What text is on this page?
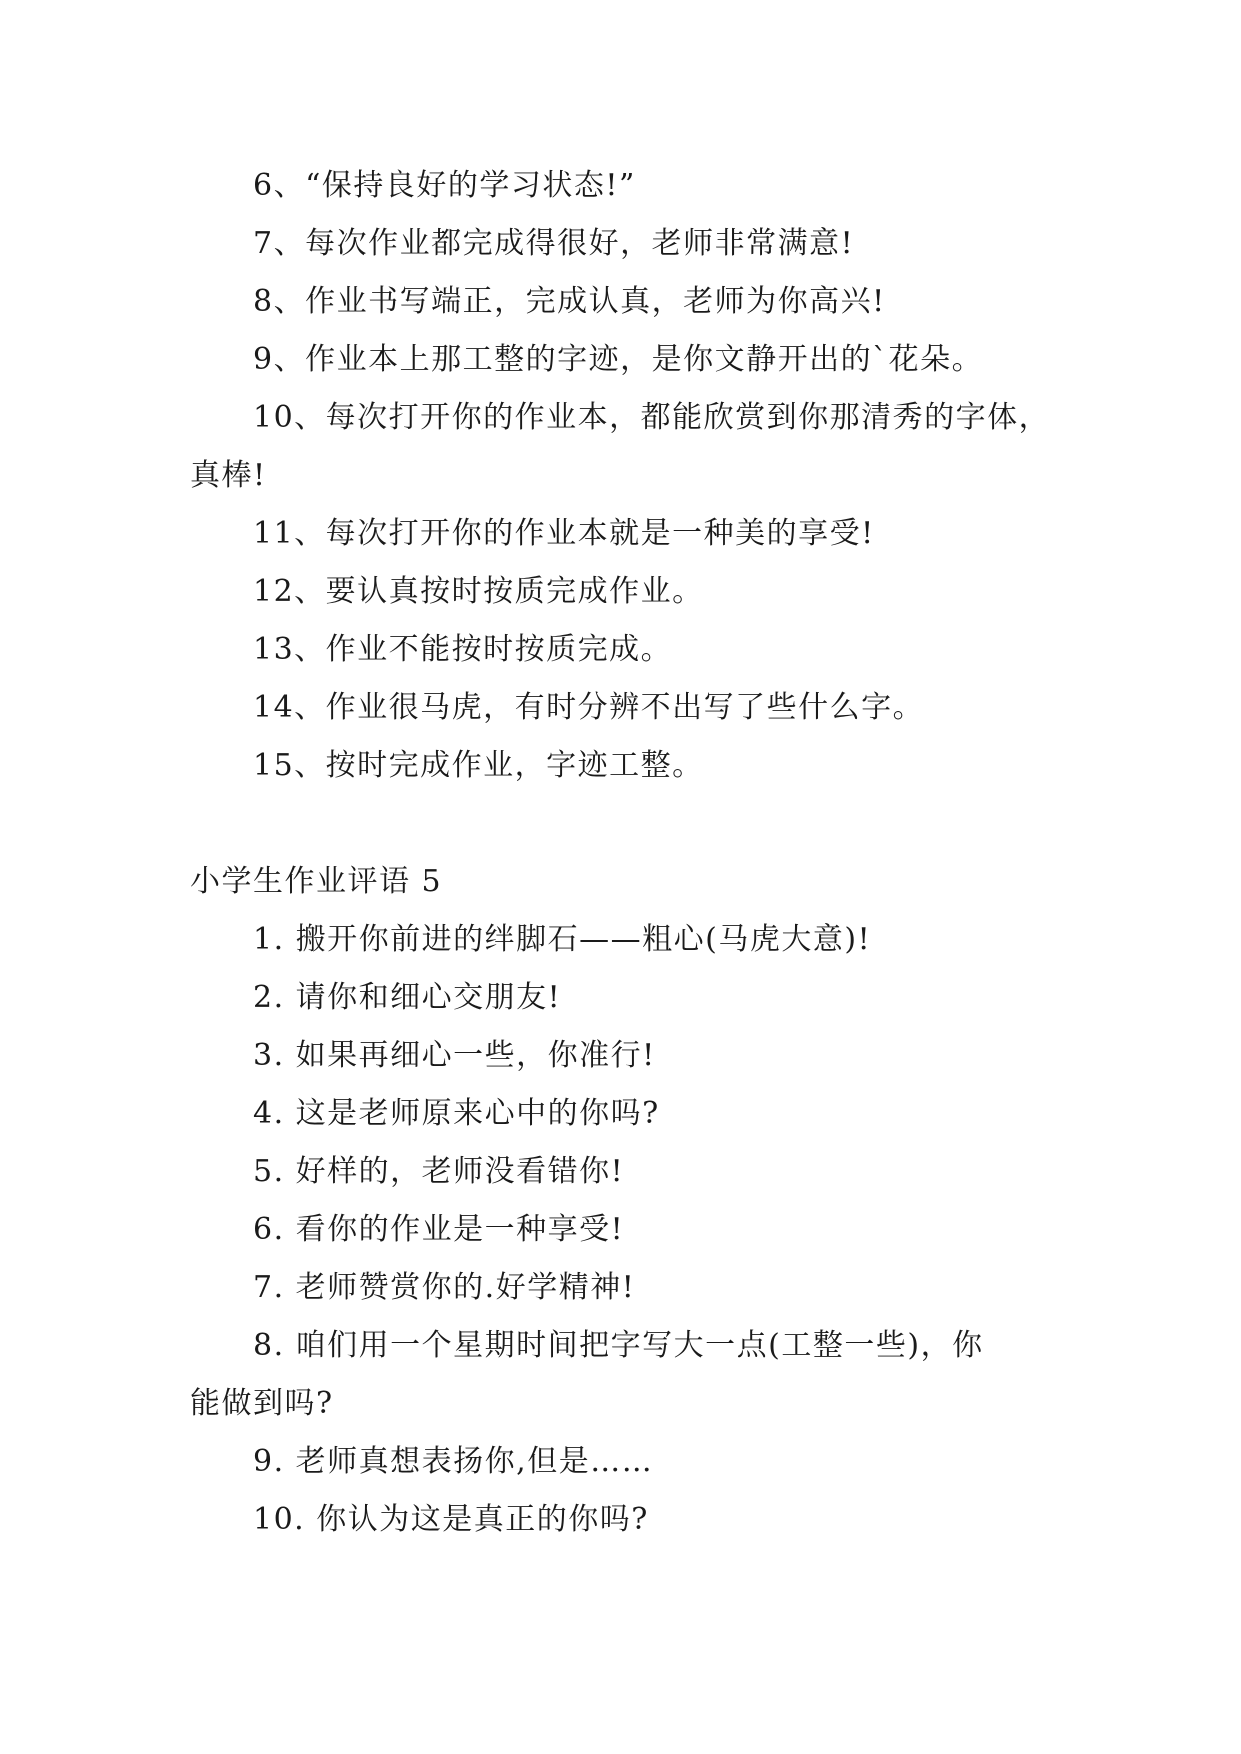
6、“保持良好的学习状态!”
7、每次作业都完成得很好，老师非常满意!
8、作业书写端正，完成认真，老师为你高兴!
9、作业本上那工整的字迹，是你文静开出的`花朵。
10、每次打开你的作业本，都能欣赏到你那清秀的字体，
真棒!
11、每次打开你的作业本就是一种美的享受!
12、要认真按时按质完成作业。
13、作业不能按时按质完成。
14、作业很马虎，有时分辨不出写了些什么字。
15、按时完成作业，字迹工整。
小学生作业评语 5
1. 搬开你前进的绊脚石——粗心(马虎大意)!
2. 请你和细心交朋友!
3. 如果再细心一些，你准行!
4. 这是老师原来心中的你吗?
5. 好样的，老师没看错你!
6. 看你的作业是一种享受!
7. 老师赞赏你的.好学精神!
8. 咱们用一个星期时间把字写大一点(工整一些)，你
能做到吗?
9. 老师真想表扬你,但是……
10. 你认为这是真正的你吗?
